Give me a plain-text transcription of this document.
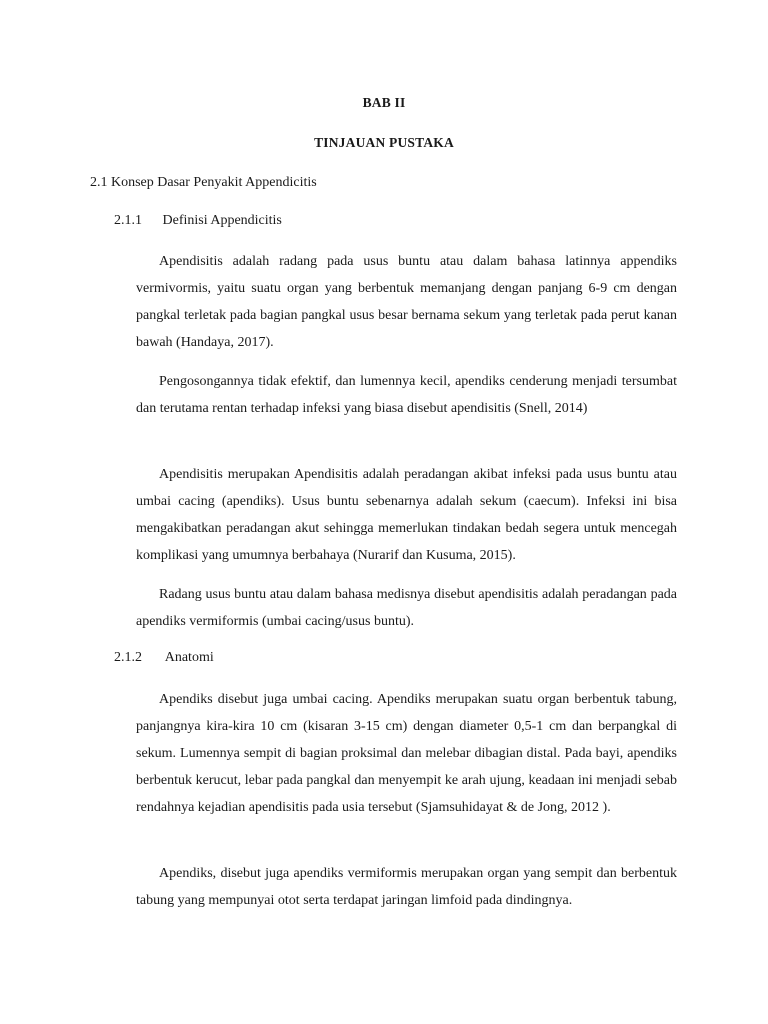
BAB II
TINJAUAN PUSTAKA
2.1 Konsep Dasar Penyakit Appendicitis
2.1.1 Definisi Appendicitis

Apendisitis adalah radang pada usus buntu atau dalam bahasa latinnya appendiks vermivormis, yaitu suatu organ yang berbentuk memanjang dengan panjang 6-9 cm dengan pangkal terletak pada bagian pangkal usus besar bernama sekum yang terletak pada perut kanan bawah (Handaya, 2017).

Pengosongannya tidak efektif, dan lumennya kecil, apendiks cenderung menjadi tersumbat dan terutama rentan terhadap infeksi yang biasa disebut apendisitis (Snell, 2014)

Apendisitis merupakan Apendisitis adalah peradangan akibat infeksi pada usus buntu atau umbai cacing (apendiks). Usus buntu sebenarnya adalah sekum (caecum). Infeksi ini bisa mengakibatkan peradangan akut sehingga memerlukan tindakan bedah segera untuk mencegah komplikasi yang umumnya berbahaya (Nurarif dan Kusuma, 2015).

Radang usus buntu atau dalam bahasa medisnya disebut apendisitis adalah peradangan pada apendiks vermiformis (umbai cacing/usus buntu).

2.1.2 Anatomi

Apendiks disebut juga umbai cacing. Apendiks merupakan suatu organ berbentuk tabung, panjangnya kira-kira 10 cm (kisaran 3-15 cm) dengan diameter 0,5-1 cm dan berpangkal di sekum. Lumennya sempit di bagian proksimal dan melebar dibagian distal. Pada bayi, apendiks berbentuk kerucut, lebar pada pangkal dan menyempit ke arah ujung, keadaan ini menjadi sebab rendahnya kejadian apendisitis pada usia tersebut (Sjamsuhidayat & de Jong, 2012 ).

Apendiks, disebut juga apendiks vermiformis merupakan organ yang sempit dan berbentuk tabung yang mempunyai otot serta terdapat jaringan limfoid pada dindingnya.
